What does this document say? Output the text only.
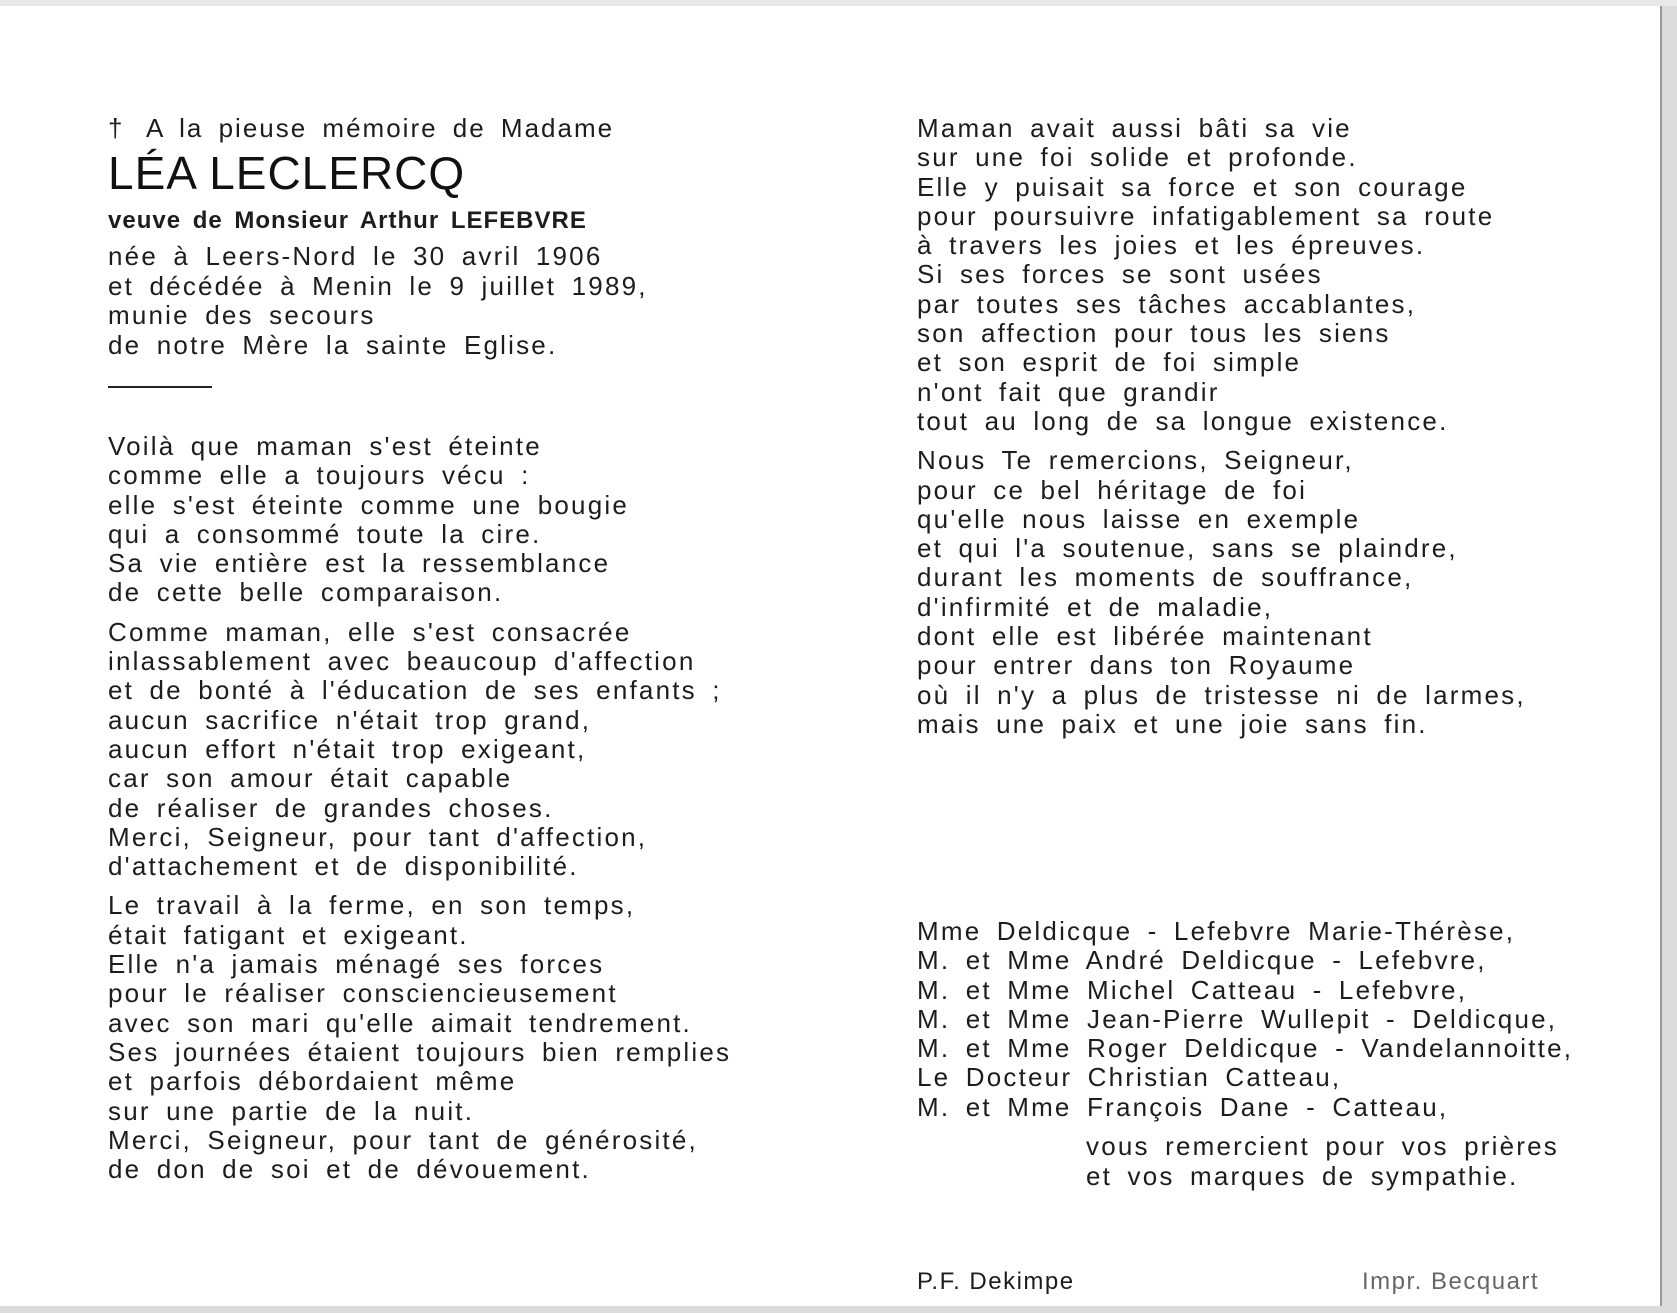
† A la pieuse mémoire de Madame
LÉA LECLERCQ
veuve de Monsieur Arthur LEFEBVRE
née à Leers-Nord le 30 avril 1906
et décédée à Menin le 9 juillet 1989,
munie des secours
de notre Mère la sainte Eglise.
Voilà que maman s'est éteinte
comme elle a toujours vécu :
elle s'est éteinte comme une bougie
qui a consommé toute la cire.
Sa vie entière est la ressemblance
de cette belle comparaison.
Comme maman, elle s'est consacrée
inlassablement avec beaucoup d'affection
et de bonté à l'éducation de ses enfants ;
aucun sacrifice n'était trop grand,
aucun effort n'était trop exigeant,
car son amour était capable
de réaliser de grandes choses.
Merci, Seigneur, pour tant d'affection,
d'attachement et de disponibilité.
Le travail à la ferme, en son temps,
était fatigant et exigeant.
Elle n'a jamais ménagé ses forces
pour le réaliser consciencieusement
avec son mari qu'elle aimait tendrement.
Ses journées étaient toujours bien remplies
et parfois débordaient même
sur une partie de la nuit.
Merci, Seigneur, pour tant de générosité,
de don de soi et de dévouement.
Maman avait aussi bâti sa vie
sur une foi solide et profonde.
Elle y puisait sa force et son courage
pour poursuivre infatigablement sa route
à travers les joies et les épreuves.
Si ses forces se sont usées
par toutes ses tâches accablantes,
son affection pour tous les siens
et son esprit de foi simple
n'ont fait que grandir
tout au long de sa longue existence.
Nous Te remercions, Seigneur,
pour ce bel héritage de foi
qu'elle nous laisse en exemple
et qui l'a soutenue, sans se plaindre,
durant les moments de souffrance,
d'infirmité et de maladie,
dont elle est libérée maintenant
pour entrer dans ton Royaume
où il n'y a plus de tristesse ni de larmes,
mais une paix et une joie sans fin.
Mme Deldicque - Lefebvre Marie-Thérèse,
M. et Mme André Deldicque - Lefebvre,
M. et Mme Michel Catteau - Lefebvre,
M. et Mme Jean-Pierre Wullepit - Deldicque,
M. et Mme Roger Deldicque - Vandelannoitte,
Le Docteur Christian Catteau,
M. et Mme François Dane - Catteau,
vous remercient pour vos prières
et vos marques de sympathie.
P.F. Dekimpe	Impr. Becquart
